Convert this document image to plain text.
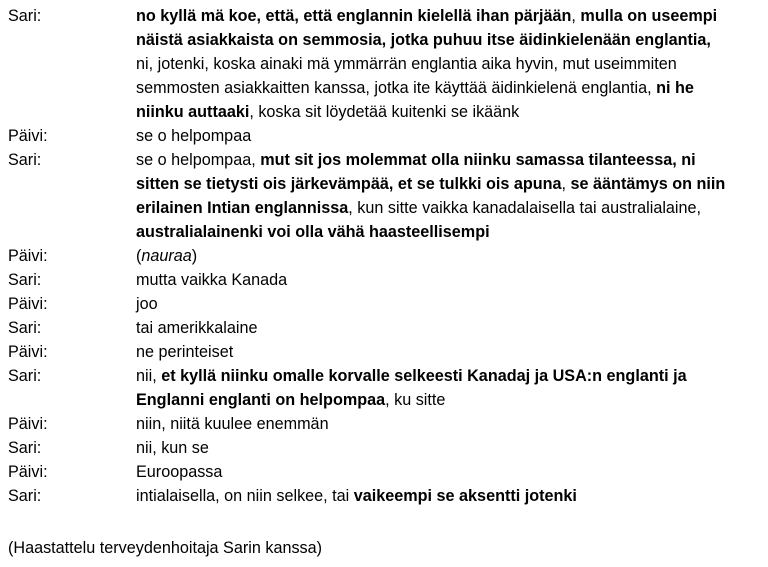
Sari:	no kyllä mä koe, että, että englannin kielellä ihan pärjään, mulla on useempi
näistä asiakkaista on semmosia, jotka puhuu itse äidinkielenään englantia,
ni, jotenki, koska ainaki mä ymmärrän englantia aika hyvin, mut useimmiten
semmosten asiakkaitten kanssa, jotka ite käyttää äidinkielenä englantia, ni he
niinku auttaaki, koska sit löydetää kuitenki se ikäänk
Päivi:	se o helpompaa
Sari:	se o helpompaa, mut sit jos molemmat olla niinku samassa tilanteessa, ni
sitten se tietysti ois järkevämpää, et se tulkki ois apuna, se ääntämys on niin
erilainen Intian englannissa, kun sitte vaikka kanadalaisella tai australialaine,
australialainenki voi olla vähä haasteellisempi
Päivi:	(nauraa)
Sari:	mutta vaikka Kanada
Päivi:	joo
Sari:	tai amerikkalaine
Päivi:	ne perinteiset
Sari:	nii, et kyllä niinku omalle korvalle selkeesti Kanadaj ja USA:n englanti ja
Englanni englanti on helpompaa, ku sitte
Päivi:	niin, niitä kuulee enemmän
Sari:	nii, kun se
Päivi:	Euroopassa
Sari:	intialaisella, on niin selkee, tai vaikeempi se aksentti jotenki
(Haastattelu terveydenhoitaja Sarin kanssa)
